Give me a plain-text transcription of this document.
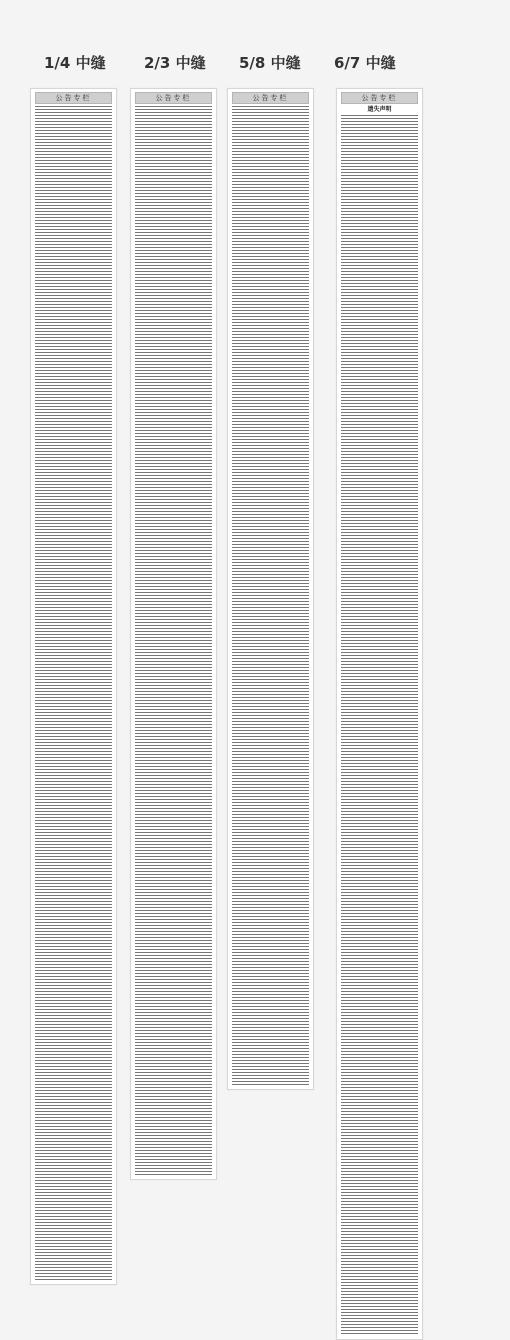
1/4 中缝	2/3 中缝 5/8 中缝 6/7 中缝
公告专栏	公告专栏	公告专栏	公告专栏
遗失声明
